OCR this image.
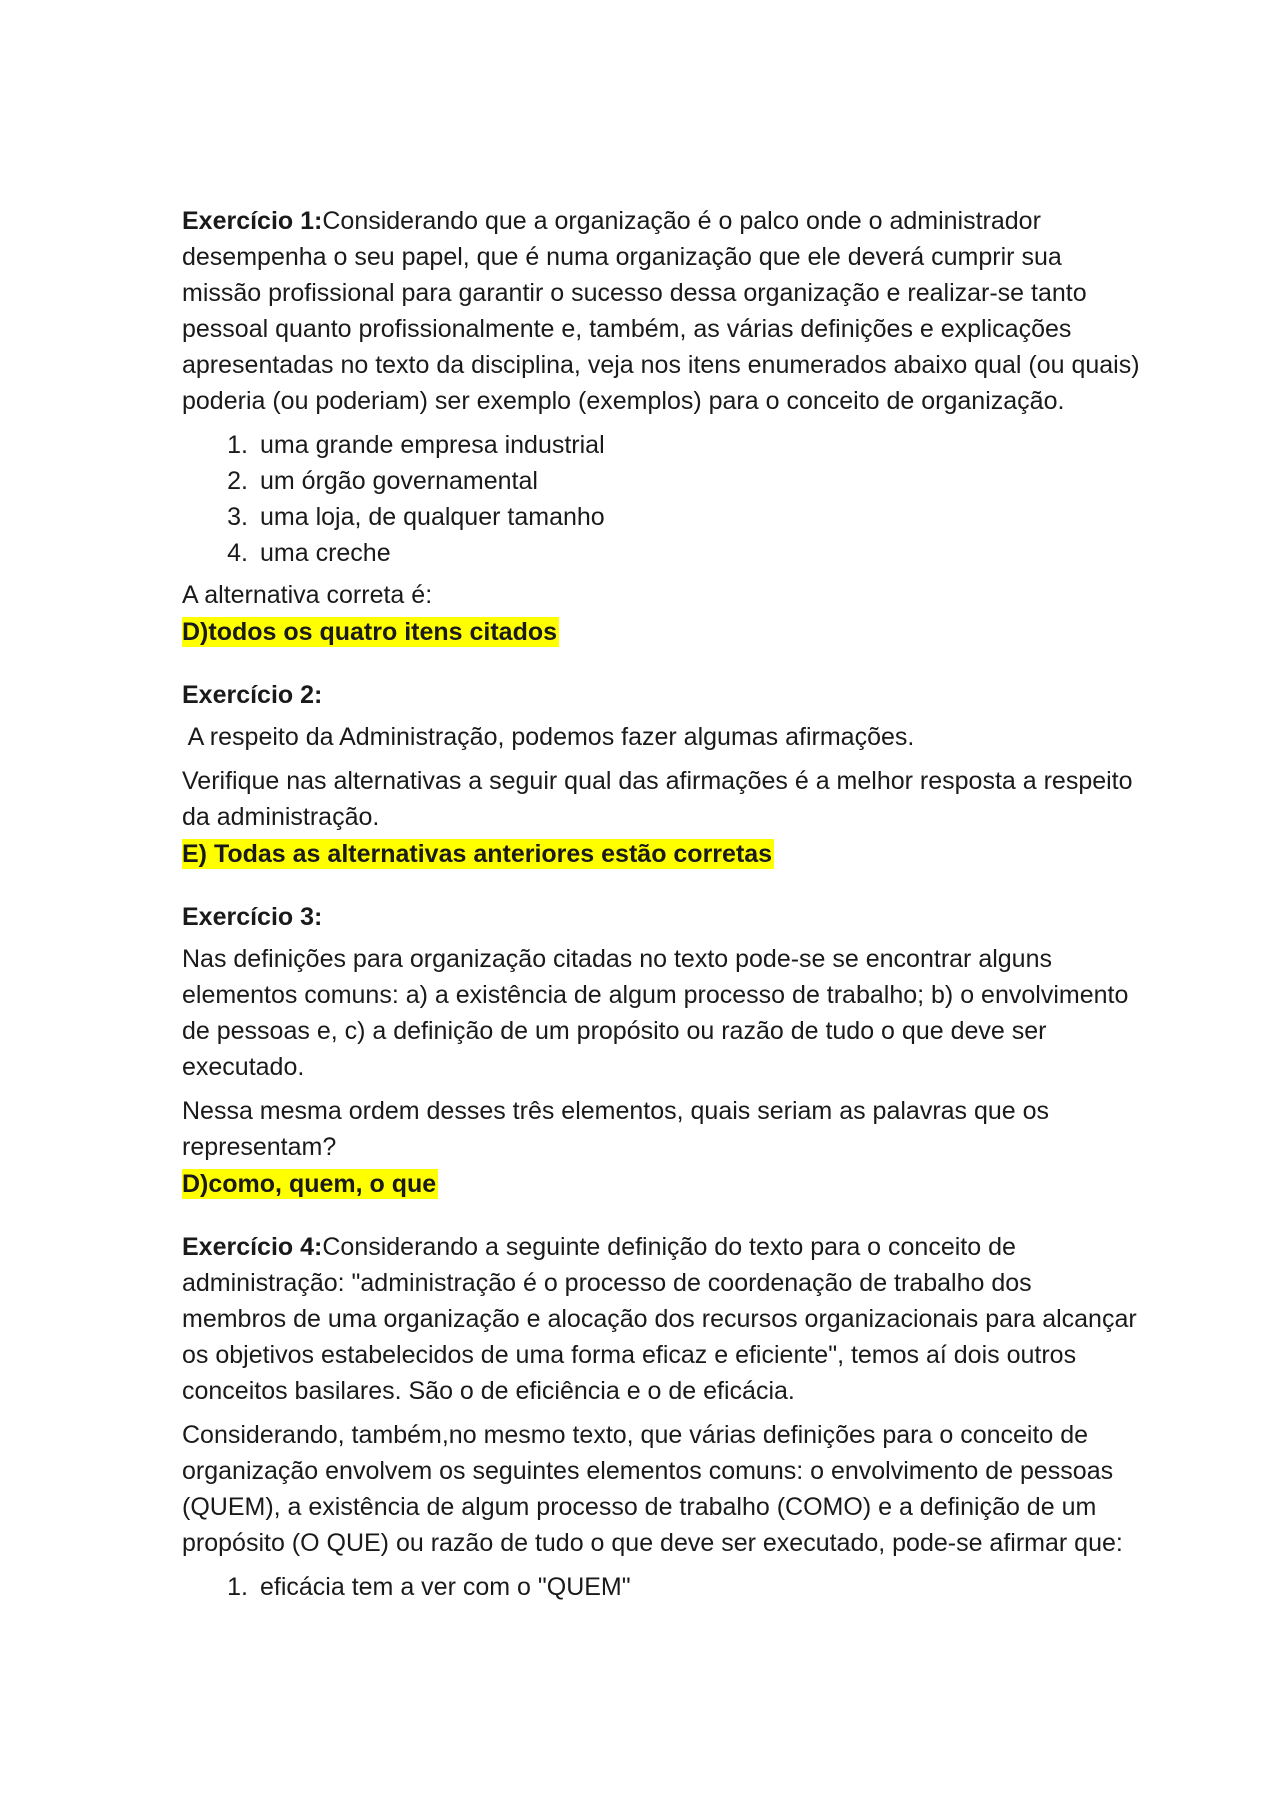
Exercício 1:Considerando que a organização é o palco onde o administrador desempenha o seu papel, que é numa organização que ele deverá cumprir sua missão profissional para garantir o sucesso dessa organização e realizar-se tanto pessoal quanto profissionalmente e, também, as várias definições e explicações apresentadas no texto da disciplina, veja nos itens enumerados abaixo qual (ou quais) poderia (ou poderiam) ser exemplo (exemplos) para o conceito de organização.

1. uma grande empresa industrial
2. um órgão governamental
3. uma loja, de qualquer tamanho
4. uma creche

A alternativa correta é:

D)todos os quatro itens citados

Exercício 2:

A respeito da Administração, podemos fazer algumas afirmações.

Verifique nas alternativas a seguir qual das afirmações é a melhor resposta a respeito da administração.

E) Todas as alternativas anteriores estão corretas

Exercício 3:

Nas definições para organização citadas no texto pode-se se encontrar alguns elementos comuns: a) a existência de algum processo de trabalho; b) o envolvimento de pessoas e, c) a definição de um propósito ou razão de tudo o que deve ser executado.

Nessa mesma ordem desses três elementos, quais seriam as palavras que os representam?

D)como, quem, o que

Exercício 4:Considerando a seguinte definição do texto para o conceito de administração: "administração é o processo de coordenação de trabalho dos membros de uma organização e alocação dos recursos organizacionais para alcançar os objetivos estabelecidos de uma forma eficaz e eficiente", temos aí dois outros conceitos basilares. São o de eficiência e o de eficácia.

Considerando, também,no mesmo texto, que várias definições para o conceito de organização envolvem os seguintes elementos comuns: o envolvimento de pessoas (QUEM), a existência de algum processo de trabalho (COMO) e a definição de um propósito (O QUE) ou razão de tudo o que deve ser executado, pode-se afirmar que:

1. eficácia tem a ver com o "QUEM"
